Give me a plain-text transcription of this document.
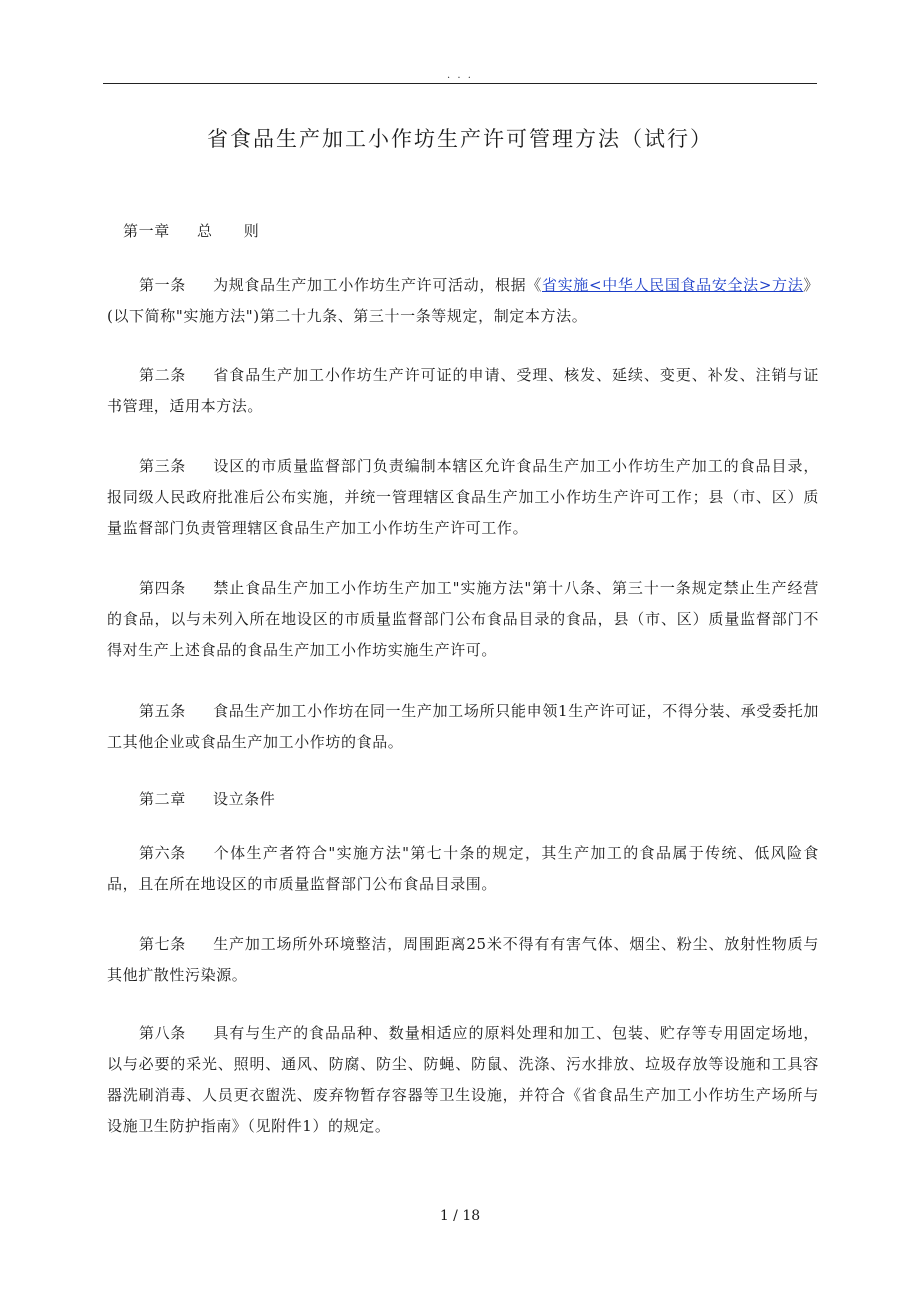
. . .
省食品生产加工小作坊生产许可管理方法（试行）

第一章 总　　则

第一条 为规食品生产加工小作坊生产许可活动，根据《省实施<中华人民国食品安全法>方法》(以下简称"实施方法")第二十九条、第三十一条等规定，制定本方法。

第二条 省食品生产加工小作坊生产许可证的申请、受理、核发、延续、变更、补发、注销与证书管理，适用本方法。

第三条 设区的市质量监督部门负责编制本辖区允许食品生产加工小作坊生产加工的食品目录，报同级人民政府批准后公布实施，并统一管理辖区食品生产加工小作坊生产许可工作；县（市、区）质量监督部门负责管理辖区食品生产加工小作坊生产许可工作。

第四条 禁止食品生产加工小作坊生产加工"实施方法"第十八条、第三十一条规定禁止生产经营的食品，以与未列入所在地设区的市质量监督部门公布食品目录的食品，县（市、区）质量监督部门不得对生产上述食品的食品生产加工小作坊实施生产许可。

第五条 食品生产加工小作坊在同一生产加工场所只能申领1生产许可证，不得分装、承受委托加工其他企业或食品生产加工小作坊的食品。

第二章 设立条件

第六条 个体生产者符合"实施方法"第七十条的规定，其生产加工的食品属于传统、低风险食品，且在所在地设区的市质量监督部门公布食品目录围。

第七条 生产加工场所外环境整洁，周围距离25米不得有有害气体、烟尘、粉尘、放射性物质与其他扩散性污染源。

第八条 具有与生产的食品品种、数量相适应的原料处理和加工、包装、贮存等专用固定场地，以与必要的采光、照明、通风、防腐、防尘、防蝇、防鼠、洗涤、污水排放、垃圾存放等设施和工具容器洗刷消毒、人员更衣盥洗、废弃物暂存容器等卫生设施，并符合《省食品生产加工小作坊生产场所与设施卫生防护指南》（见附件1）的规定。

1 / 18
